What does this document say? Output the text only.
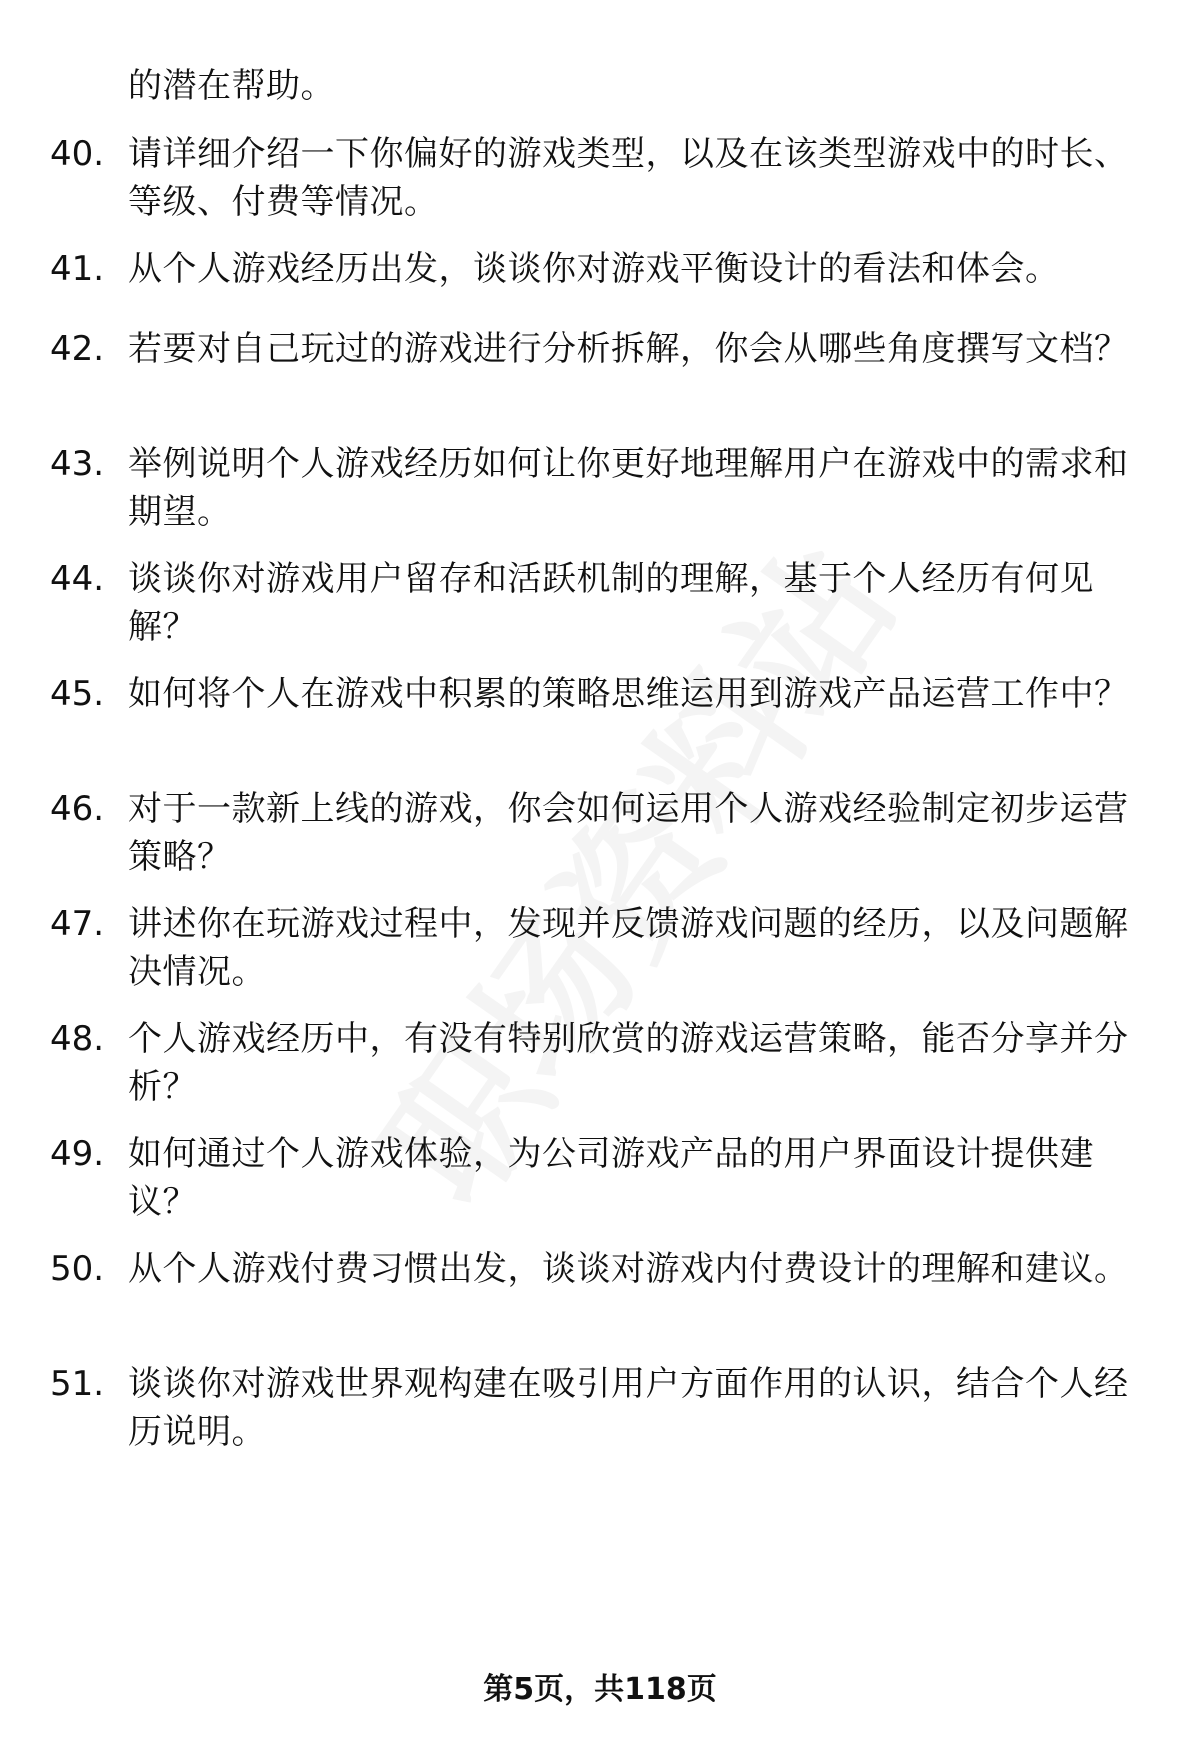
的潜在帮助。
40. 请详细介绍一下你偏好的游戏类型，以及在该类型游戏中的时长、等级、付费等情况。
41. 从个人游戏经历出发，谈谈你对游戏平衡设计的看法和体会。
42. 若要对自己玩过的游戏进行分析拆解，你会从哪些角度撰写文档？
43. 举例说明个人游戏经历如何让你更好地理解用户在游戏中的需求和期望。
44. 谈谈你对游戏用户留存和活跃机制的理解，基于个人经历有何见解？
45. 如何将个人在游戏中积累的策略思维运用到游戏产品运营工作中？
46. 对于一款新上线的游戏，你会如何运用个人游戏经验制定初步运营策略？
47. 讲述你在玩游戏过程中，发现并反馈游戏问题的经历，以及问题解决情况。
48. 个人游戏经历中，有没有特别欣赏的游戏运营策略，能否分享并分析？
49. 如何通过个人游戏体验，为公司游戏产品的用户界面设计提供建议？
50. 从个人游戏付费习惯出发，谈谈对游戏内付费设计的理解和建议。
51. 谈谈你对游戏世界观构建在吸引用户方面作用的认识，结合个人经历说明。
第5页，共118页
